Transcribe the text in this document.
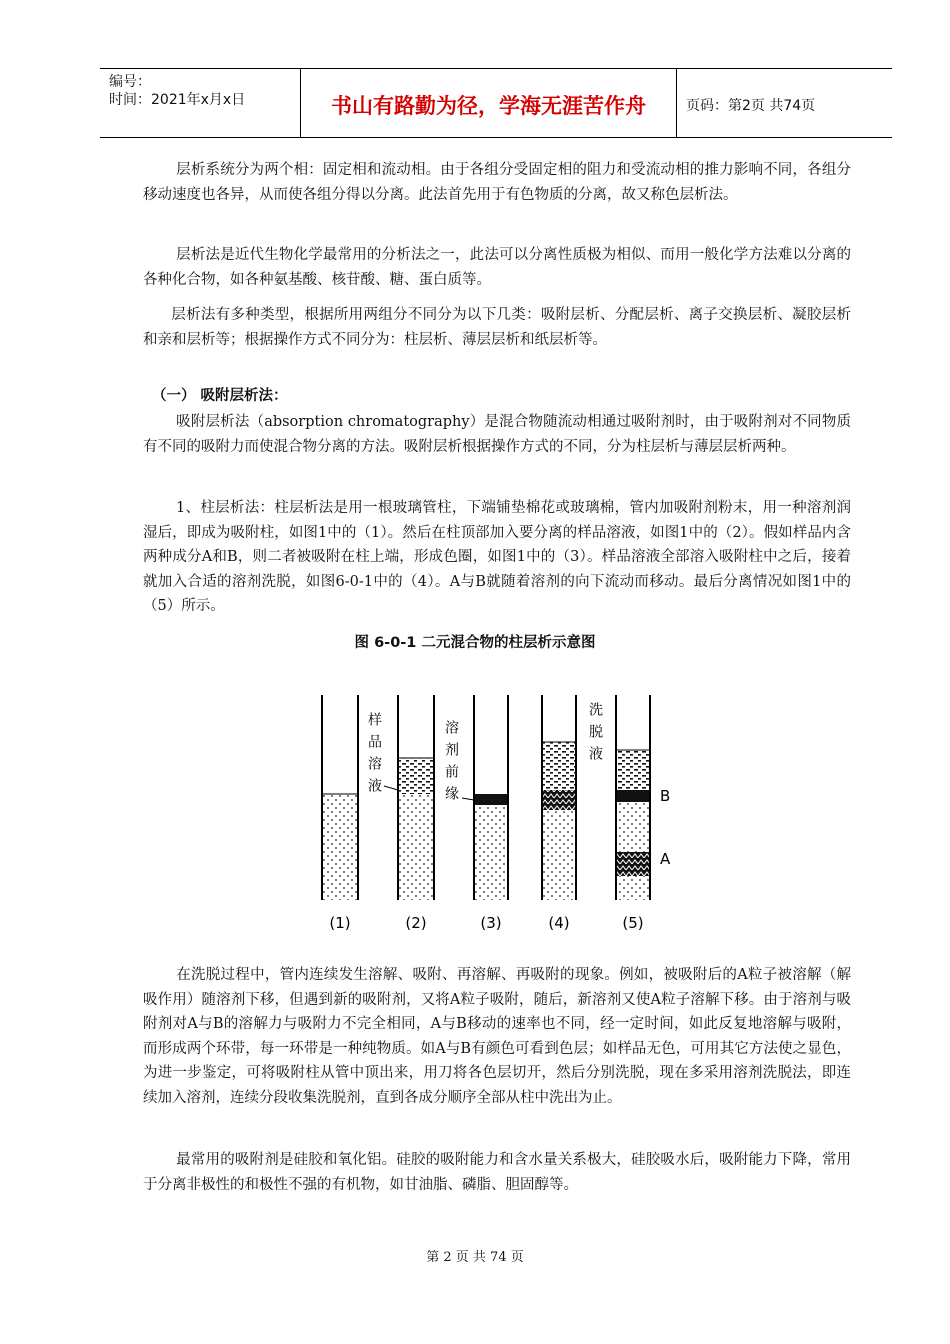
编号：
时间：2021年x月x日	书山有路勤为径，学海无涯苦作舟	页码：第2页 共74页

层析系统分为两个相：固定相和流动相。由于各组分受固定相的阻力和受流动相的推力影响不同，各组分移动速度也各异，从而使各组分得以分离。此法首先用于有色物质的分离，故又称色层析法。

层析法是近代生物化学最常用的分析法之一，此法可以分离性质极为相似、而用一般化学方法难以分离的各种化合物，如各种氨基酸、核苷酸、糖、蛋白质等。

层析法有多种类型，根据所用两组分不同分为以下几类：吸附层析、分配层析、离子交换层析、凝胶层析和亲和层析等；根据操作方式不同分为：柱层析、薄层层析和纸层析等。

（一） 吸附层析法：

吸附层析法（absorption chromatography）是混合物随流动相通过吸附剂时，由于吸附剂对不同物质有不同的吸附力而使混合物分离的方法。吸附层析根据操作方式的不同，分为柱层析与薄层层析两种。

1、柱层析法：柱层析法是用一根玻璃管柱，下端铺垫棉花或玻璃棉，管内加吸附剂粉末，用一种溶剂润湿后，即成为吸附柱，如图1中的（1）。然后在柱顶部加入要分离的样品溶液，如图1中的（2）。假如样品内含两种成分A和B，则二者被吸附在柱上端，形成色圈，如图1中的（3）。样品溶液全部溶入吸附柱中之后，接着就加入合适的溶剂洗脱，如图6-0-1中的（4）。A与B就随着溶剂的向下流动而移动。最后分离情况如图1中的（5）所示。

图 6-0-1 二元混合物的柱层析示意图
样品溶液	溶剂前缘	洗脱液
B
A
(1)	(2)	(3)	(4)	(5)

在洗脱过程中，管内连续发生溶解、吸附、再溶解、再吸附的现象。例如，被吸附后的A粒子被溶解（解吸作用）随溶剂下移，但遇到新的吸附剂，又将A粒子吸附，随后，新溶剂又使A粒子溶解下移。由于溶剂与吸附剂对A与B的溶解力与吸附力不完全相同，A与B移动的速率也不同，经一定时间，如此反复地溶解与吸附，而形成两个环带，每一环带是一种纯物质。如A与B有颜色可看到色层；如样品无色，可用其它方法使之显色，为进一步鉴定，可将吸附柱从管中顶出来，用刀将各色层切开，然后分别洗脱，现在多采用溶剂洗脱法，即连续加入溶剂，连续分段收集洗脱剂，直到各成分顺序全部从柱中洗出为止。

最常用的吸附剂是硅胶和氧化铝。硅胶的吸附能力和含水量关系极大，硅胶吸水后，吸附能力下降，常用于分离非极性的和极性不强的有机物，如甘油脂、磷脂、胆固醇等。

第 2 页 共 74 页
